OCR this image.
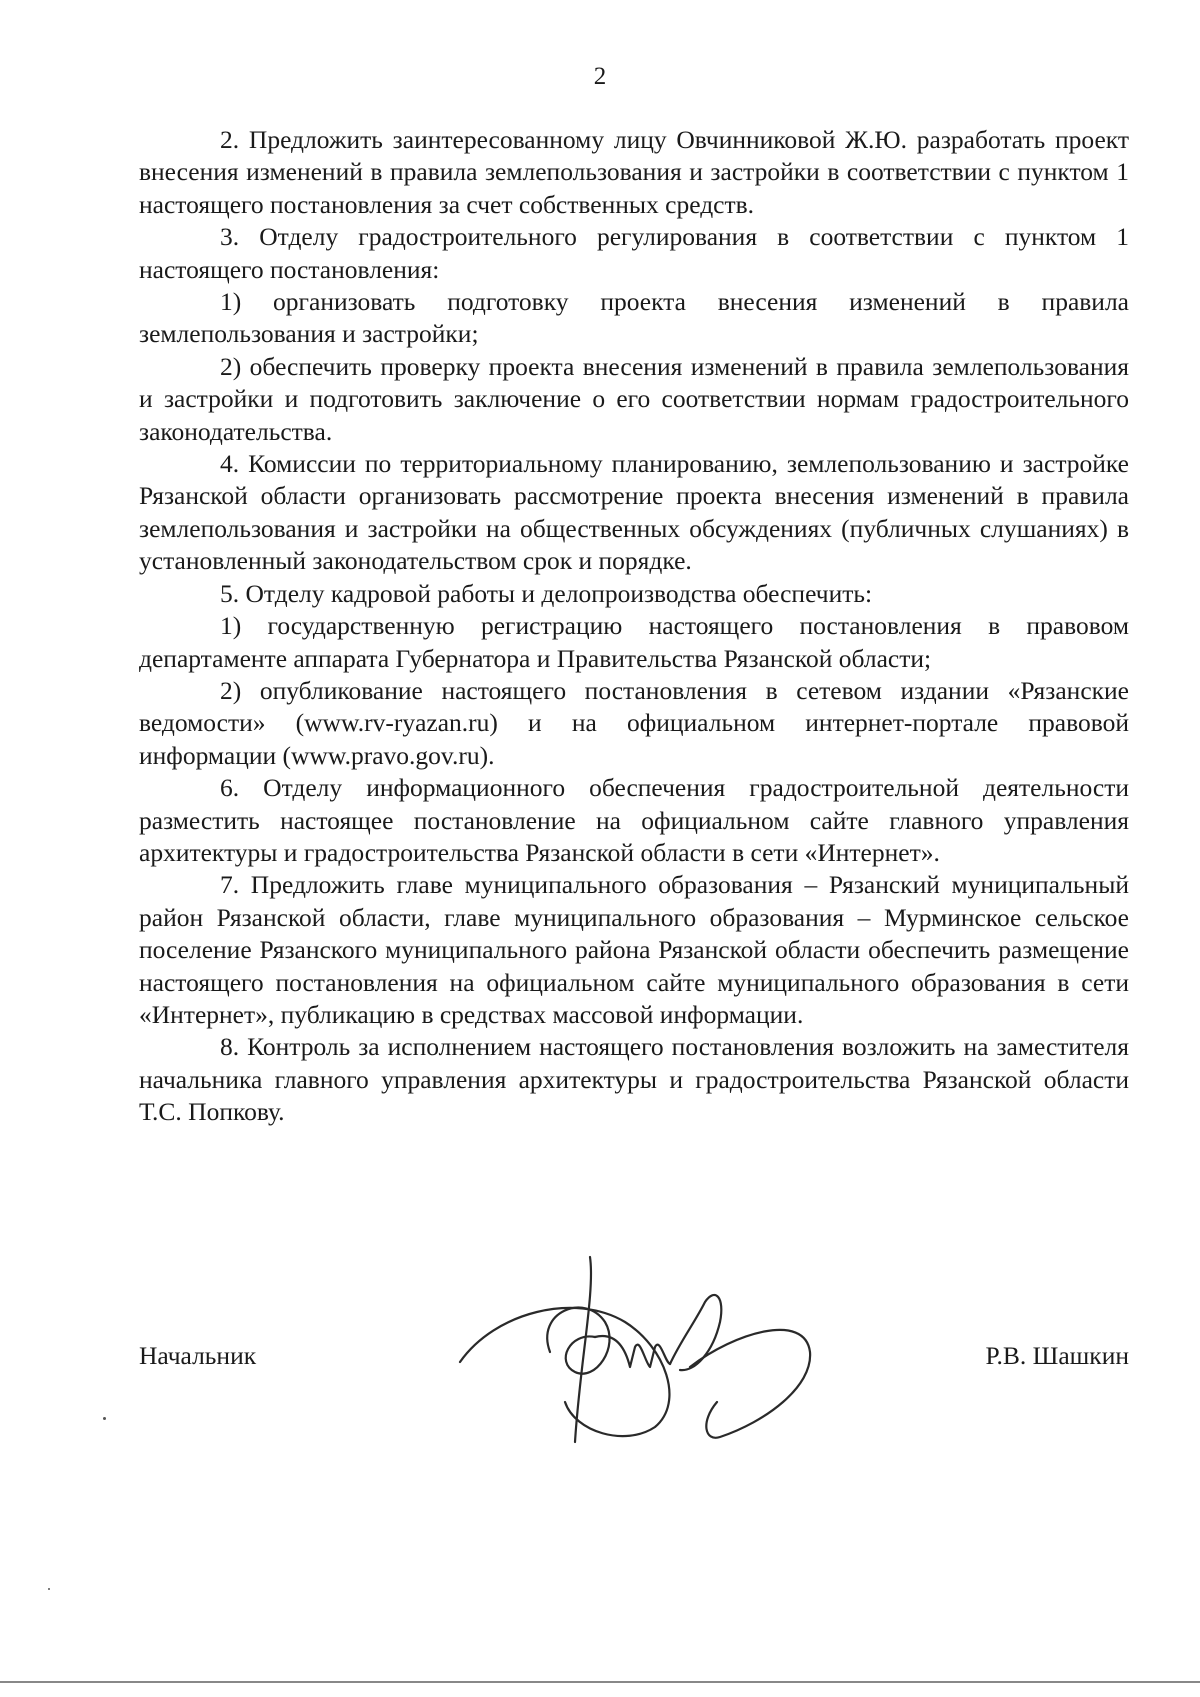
2

2. Предложить заинтересованному лицу Овчинниковой Ж.Ю. разработать проект внесения изменений в правила землепользования и застройки в соответствии с пунктом 1 настоящего постановления за счет собственных средств.

3. Отделу градостроительного регулирования в соответствии с пунктом 1 настоящего постановления:

1) организовать подготовку проекта внесения изменений в правила землепользования и застройки;

2) обеспечить проверку проекта внесения изменений в правила землепользования и застройки и подготовить заключение о его соответствии нормам градостроительного законодательства.

4. Комиссии по территориальному планированию, землепользованию и застройке Рязанской области организовать рассмотрение проекта внесения изменений в правила землепользования и застройки на общественных обсуждениях (публичных слушаниях) в установленный законодательством срок и порядке.

5. Отделу кадровой работы и делопроизводства обеспечить:

1) государственную регистрацию настоящего постановления в правовом департаменте аппарата Губернатора и Правительства Рязанской области;

2) опубликование настоящего постановления в сетевом издании «Рязанские ведомости» (www.rv-ryazan.ru) и на официальном интернет-портале правовой информации (www.pravo.gov.ru).

6. Отделу информационного обеспечения градостроительной деятельности разместить настоящее постановление на официальном сайте главного управления архитектуры и градостроительства Рязанской области в сети «Интернет».

7. Предложить главе муниципального образования – Рязанский муниципальный район Рязанской области, главе муниципального образования – Мурминское сельское поселение Рязанского муниципального района Рязанской области обеспечить размещение настоящего постановления на официальном сайте муниципального образования в сети «Интернет», публикацию в средствах массовой информации.

8. Контроль за исполнением настоящего постановления возложить на заместителя начальника главного управления архитектуры и градостроительства Рязанской области Т.С. Попкову.

Начальник	Р.В. Шашкин
